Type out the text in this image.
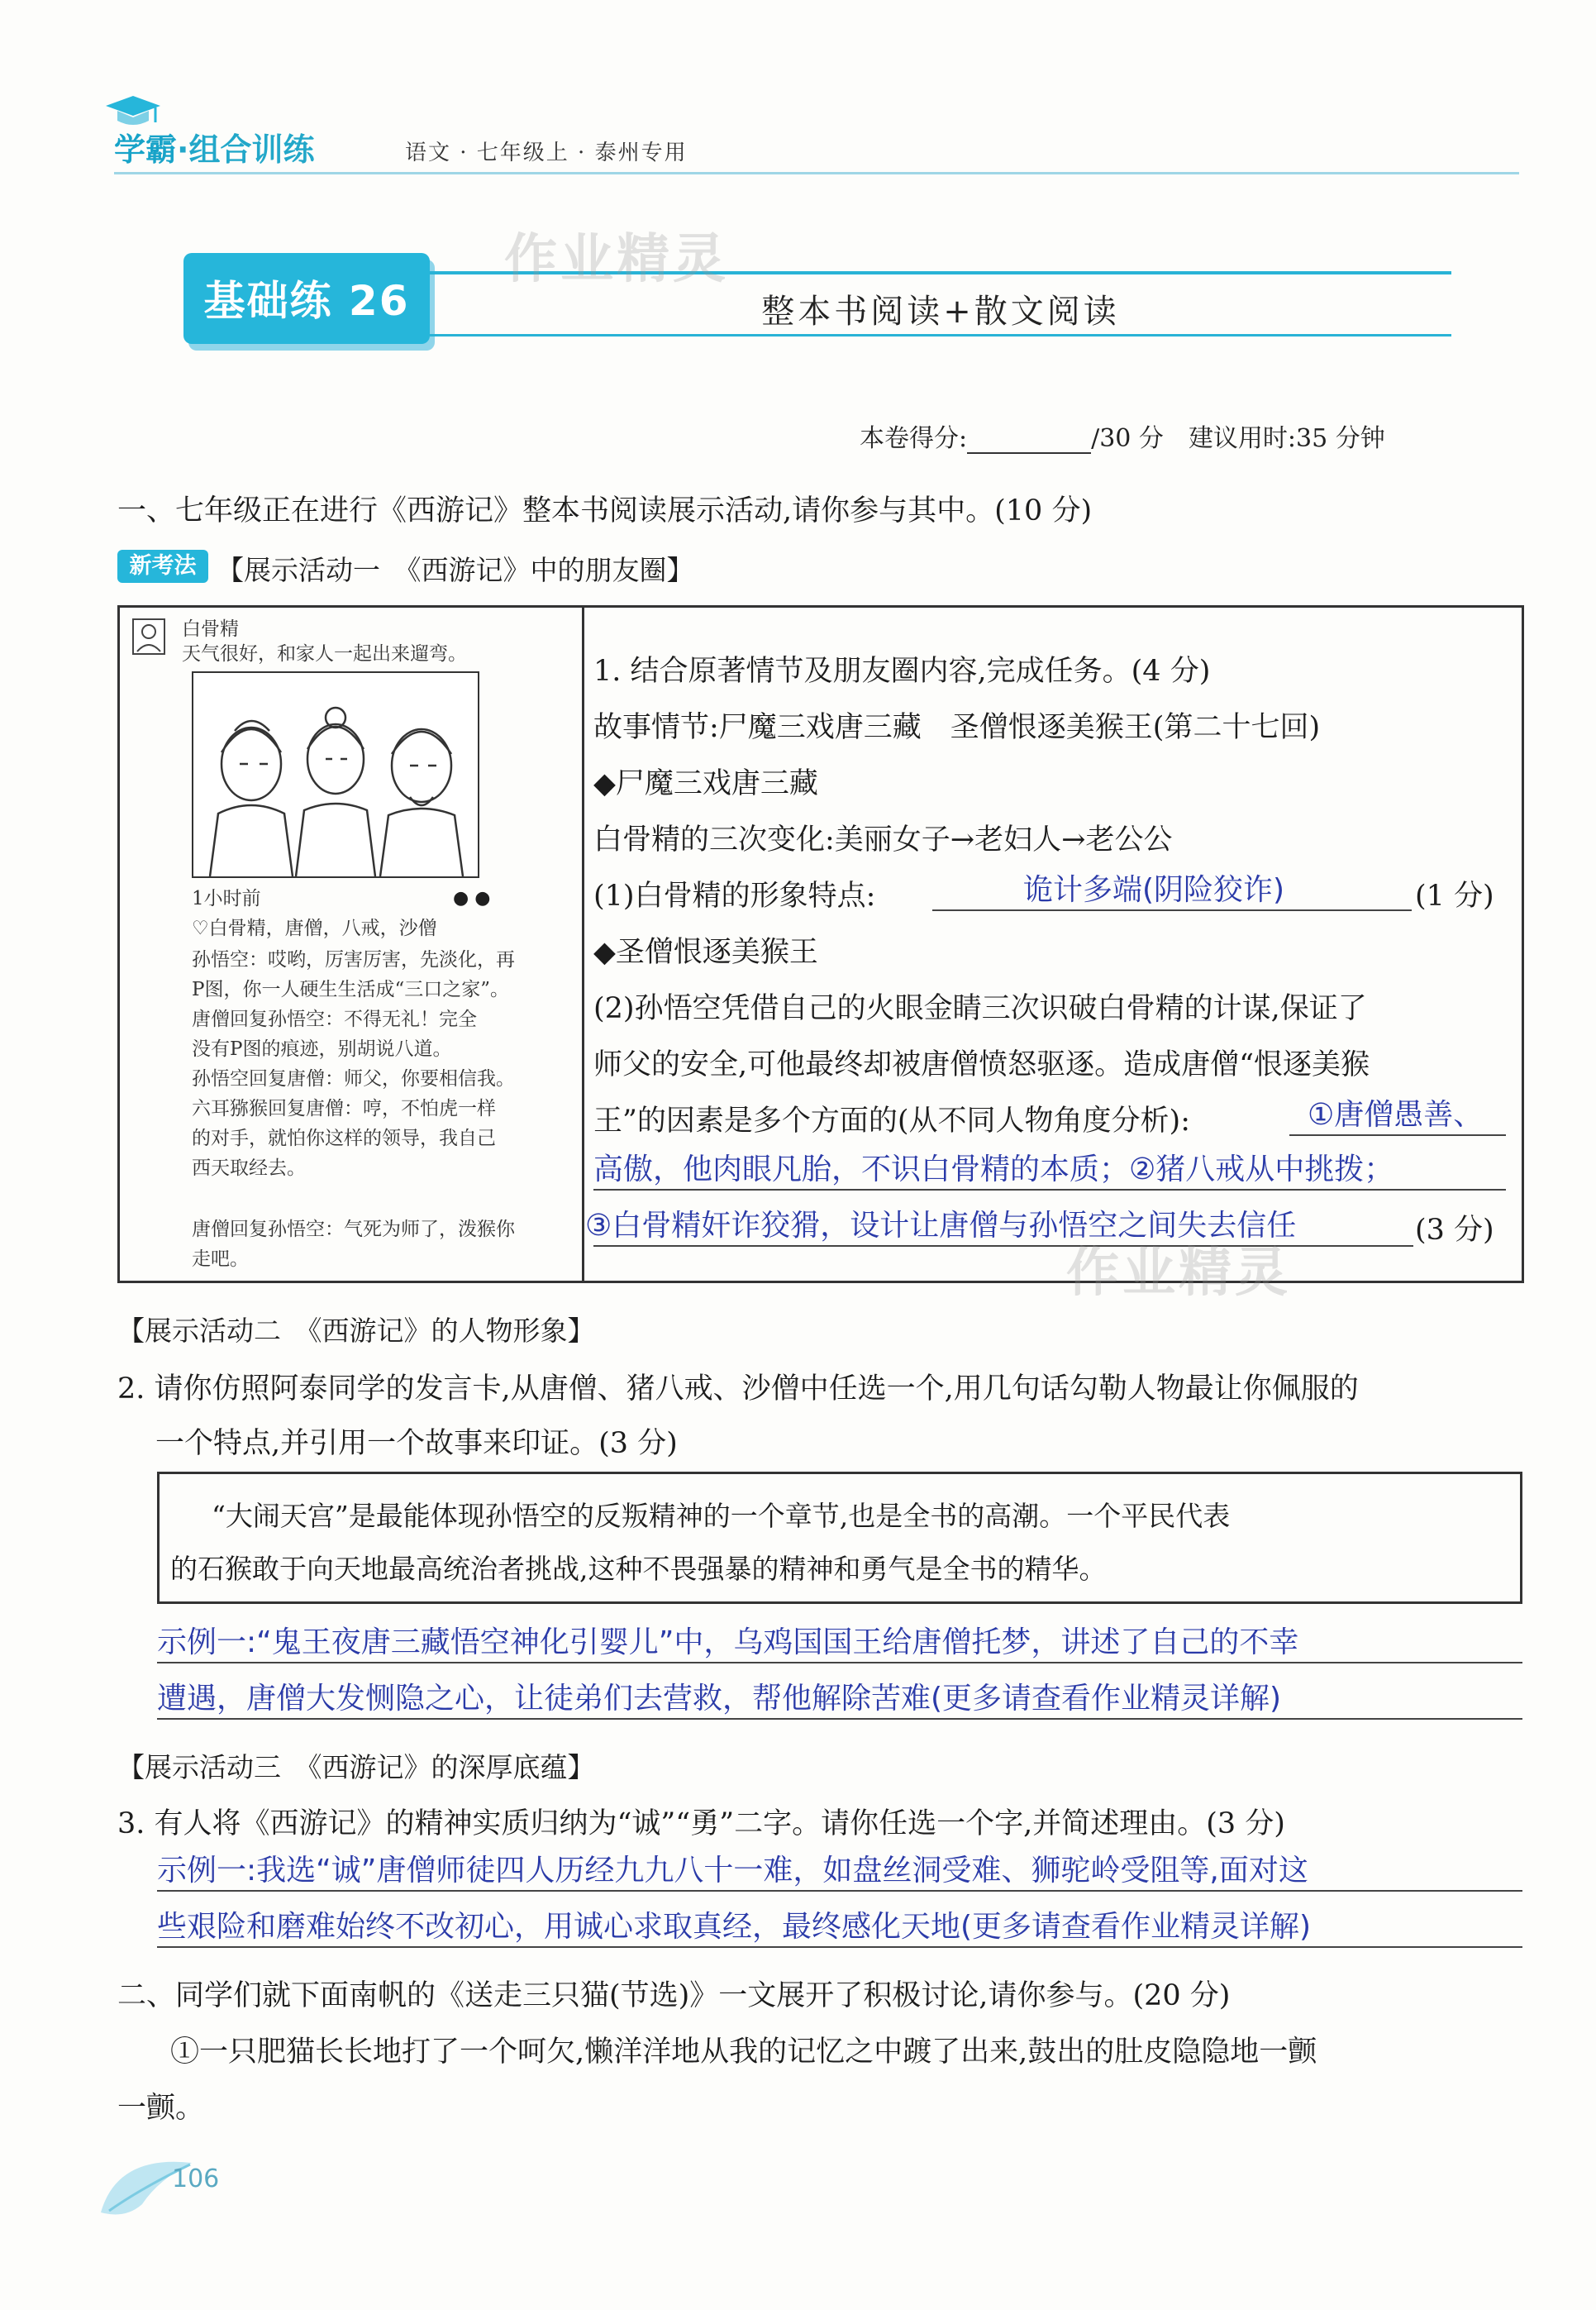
学霸·组合训练	语文 · 七年级上 · 泰州专用
基础练 26	整本书阅读+散文阅读
作业精灵
本卷得分:	/30 分　 建议用时:35 分钟
一、七年级正在进行《西游记》整本书阅读展示活动,请你参与其中。(10 分)
新考法 【展示活动一　《西游记》中的朋友圈】
白骨精
天气很好，和家人一起出来遛弯。
1小时前	● ●
♡白骨精，唐僧，八戒，沙僧
孙悟空：哎哟，厉害厉害，先淡化，再
P图，你一人硬生生活成“三口之家”。
唐僧回复孙悟空：不得无礼！完全
没有P图的痕迹，别胡说八道。
孙悟空回复唐僧：师父，你要相信我。
六耳猕猴回复唐僧：哼，不怕虎一样
的对手，就怕你这样的领导，我自己
西天取经去。
唐僧回复孙悟空：气死为师了，泼猴你
走吧。
1. 结合原著情节及朋友圈内容,完成任务。(4 分)
故事情节:尸魔三戏唐三藏　圣僧恨逐美猴王(第二十七回)
◆尸魔三戏唐三藏
白骨精的三次变化:美丽女子→老妇人→老公公
(1)白骨精的形象特点:	诡计多端(阴险狡诈)	(1 分)
◆圣僧恨逐美猴王
(2)孙悟空凭借自己的火眼金睛三次识破白骨精的计谋,保证了
师父的安全,可他最终却被唐僧愤怒驱逐。造成唐僧“恨逐美猴
王”的因素是多个方面的(从不同人物角度分析):	①唐僧愚善、
高傲，他肉眼凡胎，不识白骨精的本质；②猪八戒从中挑拨；
③白骨精奸诈狡猾，设计让唐僧与孙悟空之间失去信任	(3 分)
作业精灵
【展示活动二　《西游记》的人物形象】
2. 请你仿照阿泰同学的发言卡,从唐僧、猪八戒、沙僧中任选一个,用几句话勾勒人物最让你佩服的
一个特点,并引用一个故事来印证。(3 分)
“大闹天宫”是最能体现孙悟空的反叛精神的一个章节,也是全书的高潮。一个平民代表
的石猴敢于向天地最高统治者挑战,这种不畏强暴的精神和勇气是全书的精华。
示例一:“鬼王夜唐三藏悟空神化引婴儿”中，乌鸡国国王给唐僧托梦，讲述了自己的不幸
遭遇，唐僧大发恻隐之心，让徒弟们去营救，帮他解除苦难(更多请查看作业精灵详解)
【展示活动三　《西游记》的深厚底蕴】
3. 有人将《西游记》的精神实质归纳为“诚”“勇”二字。请你任选一个字,并简述理由。(3 分)
示例一:我选“诚”唐僧师徒四人历经九九八十一难，如盘丝洞受难、狮驼岭受阻等,面对这
些艰险和磨难始终不改初心，用诚心求取真经，最终感化天地(更多请查看作业精灵详解)
二、同学们就下面南帆的《送走三只猫(节选)》一文展开了积极讨论,请你参与。(20 分)
①一只肥猫长长地打了一个呵欠,懒洋洋地从我的记忆之中踱了出来,鼓出的肚皮隐隐地一颤
一颤。
106
